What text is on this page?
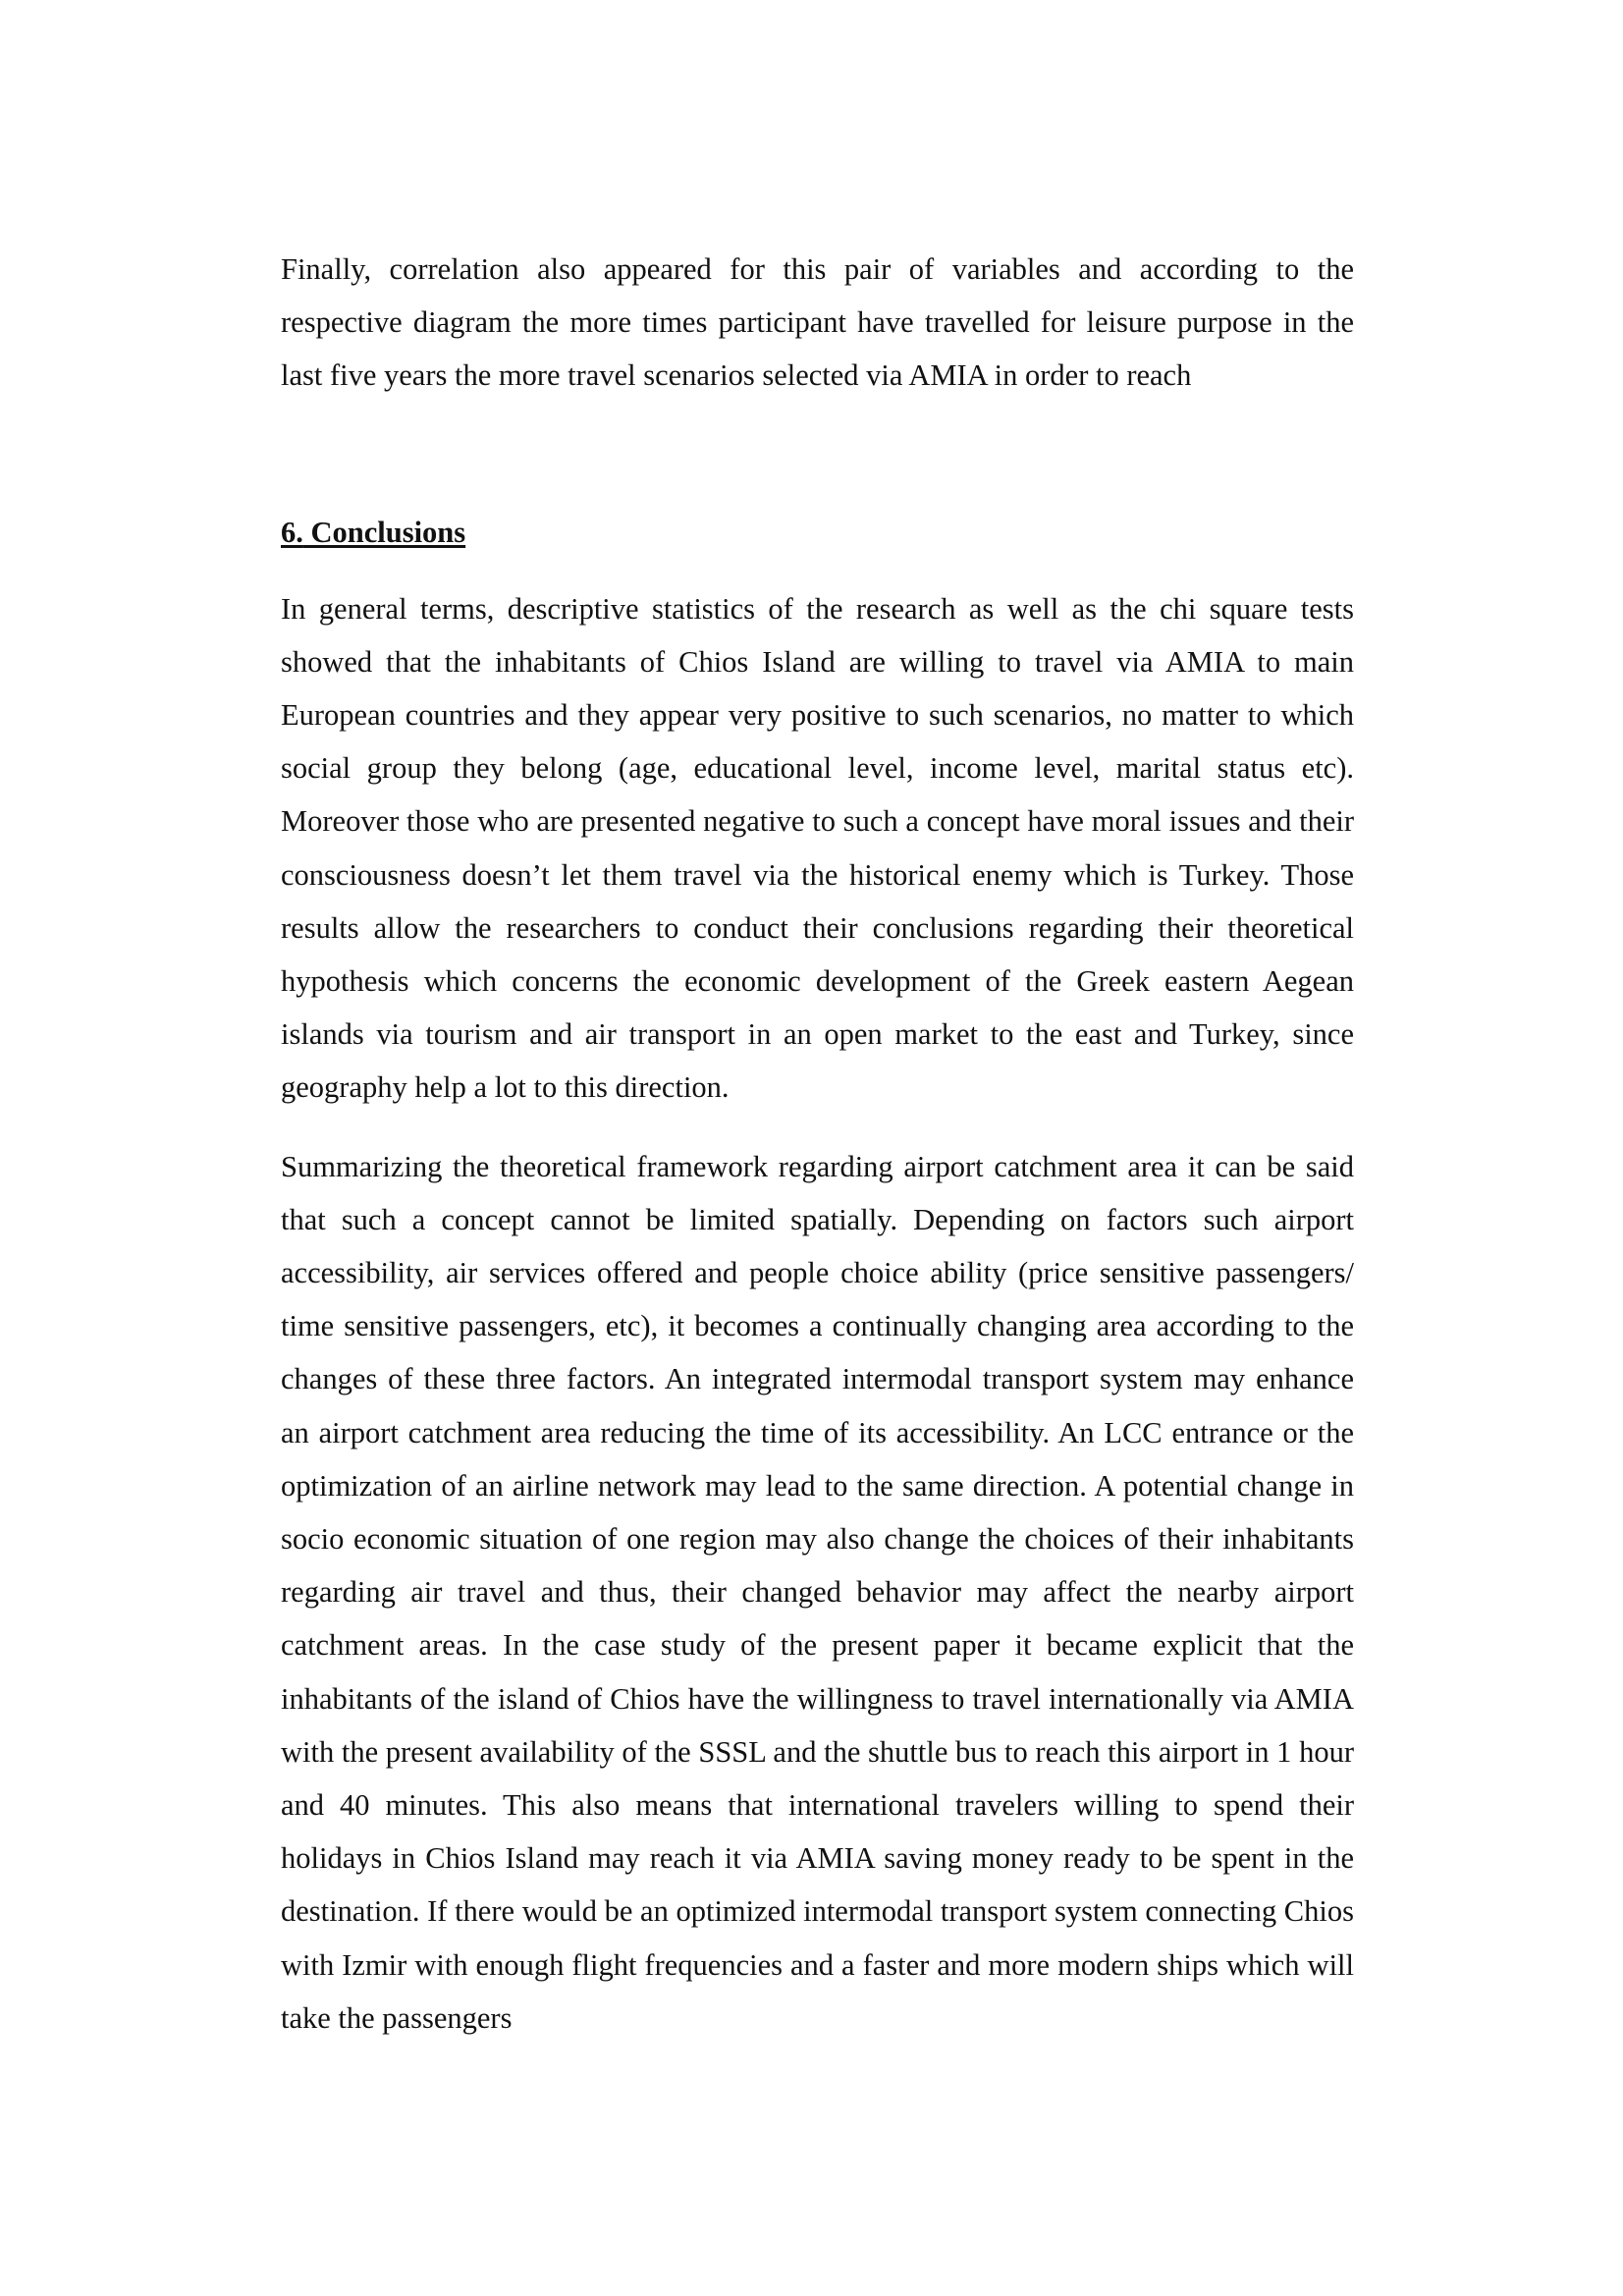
Finally, correlation also appeared for this pair of variables and according to the respective diagram the more times participant have travelled for leisure purpose in the last five years the more travel scenarios selected via AMIA in order to reach

6. Conclusions

In general terms, descriptive statistics of the research as well as the chi square tests showed that the inhabitants of Chios Island are willing to travel via AMIA to main European countries and they appear very positive to such scenarios, no matter to which social group they belong (age, educational level, income level, marital status etc). Moreover those who are presented negative to such a concept have moral issues and their consciousness doesn’t let them travel via the historical enemy which is Turkey. Those results allow the researchers to conduct their conclusions regarding their theoretical hypothesis which concerns the economic development of the Greek eastern Aegean islands via tourism and air transport in an open market to the east and Turkey, since geography help a lot to this direction.

Summarizing the theoretical framework regarding airport catchment area it can be said that such a concept cannot be limited spatially. Depending on factors such airport accessibility, air services offered and people choice ability (price sensitive passengers/ time sensitive passengers, etc), it becomes a continually changing area according to the changes of these three factors. An integrated intermodal transport system may enhance an airport catchment area reducing the time of its accessibility. An LCC entrance or the optimization of an airline network may lead to the same direction. A potential change in socio economic situation of one region may also change the choices of their inhabitants regarding air travel and thus, their changed behavior may affect the nearby airport catchment areas. In the case study of the present paper it became explicit that the inhabitants of the island of Chios have the willingness to travel internationally via AMIA with the present availability of the SSSL and the shuttle bus to reach this airport in 1 hour and 40 minutes. This also means that international travelers willing to spend their holidays in Chios Island may reach it via AMIA saving money ready to be spent in the destination. If there would be an optimized intermodal transport system connecting Chios with Izmir with enough flight frequencies and a faster and more modern ships which will take the passengers
